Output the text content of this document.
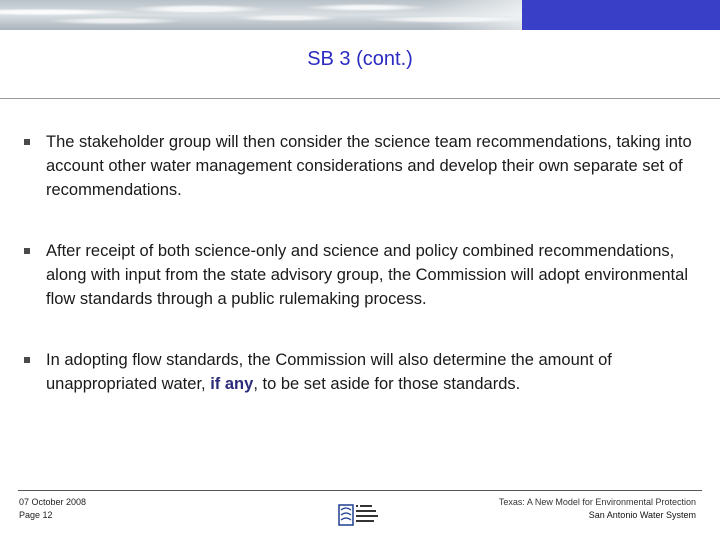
SB 3 (cont.)
The stakeholder group will then consider the science team recommendations, taking into account other water management considerations and develop their own separate set of recommendations.
After receipt of both science-only and science and policy combined recommendations, along with input from the state advisory group, the Commission will adopt environmental flow standards through a public rulemaking process.
In adopting flow standards, the Commission will also determine the amount of unappropriated water, if any, to be set aside for those standards.
07 October 2008
Page 12
Texas: A New Model for Environmental Protection
San Antonio Water System
